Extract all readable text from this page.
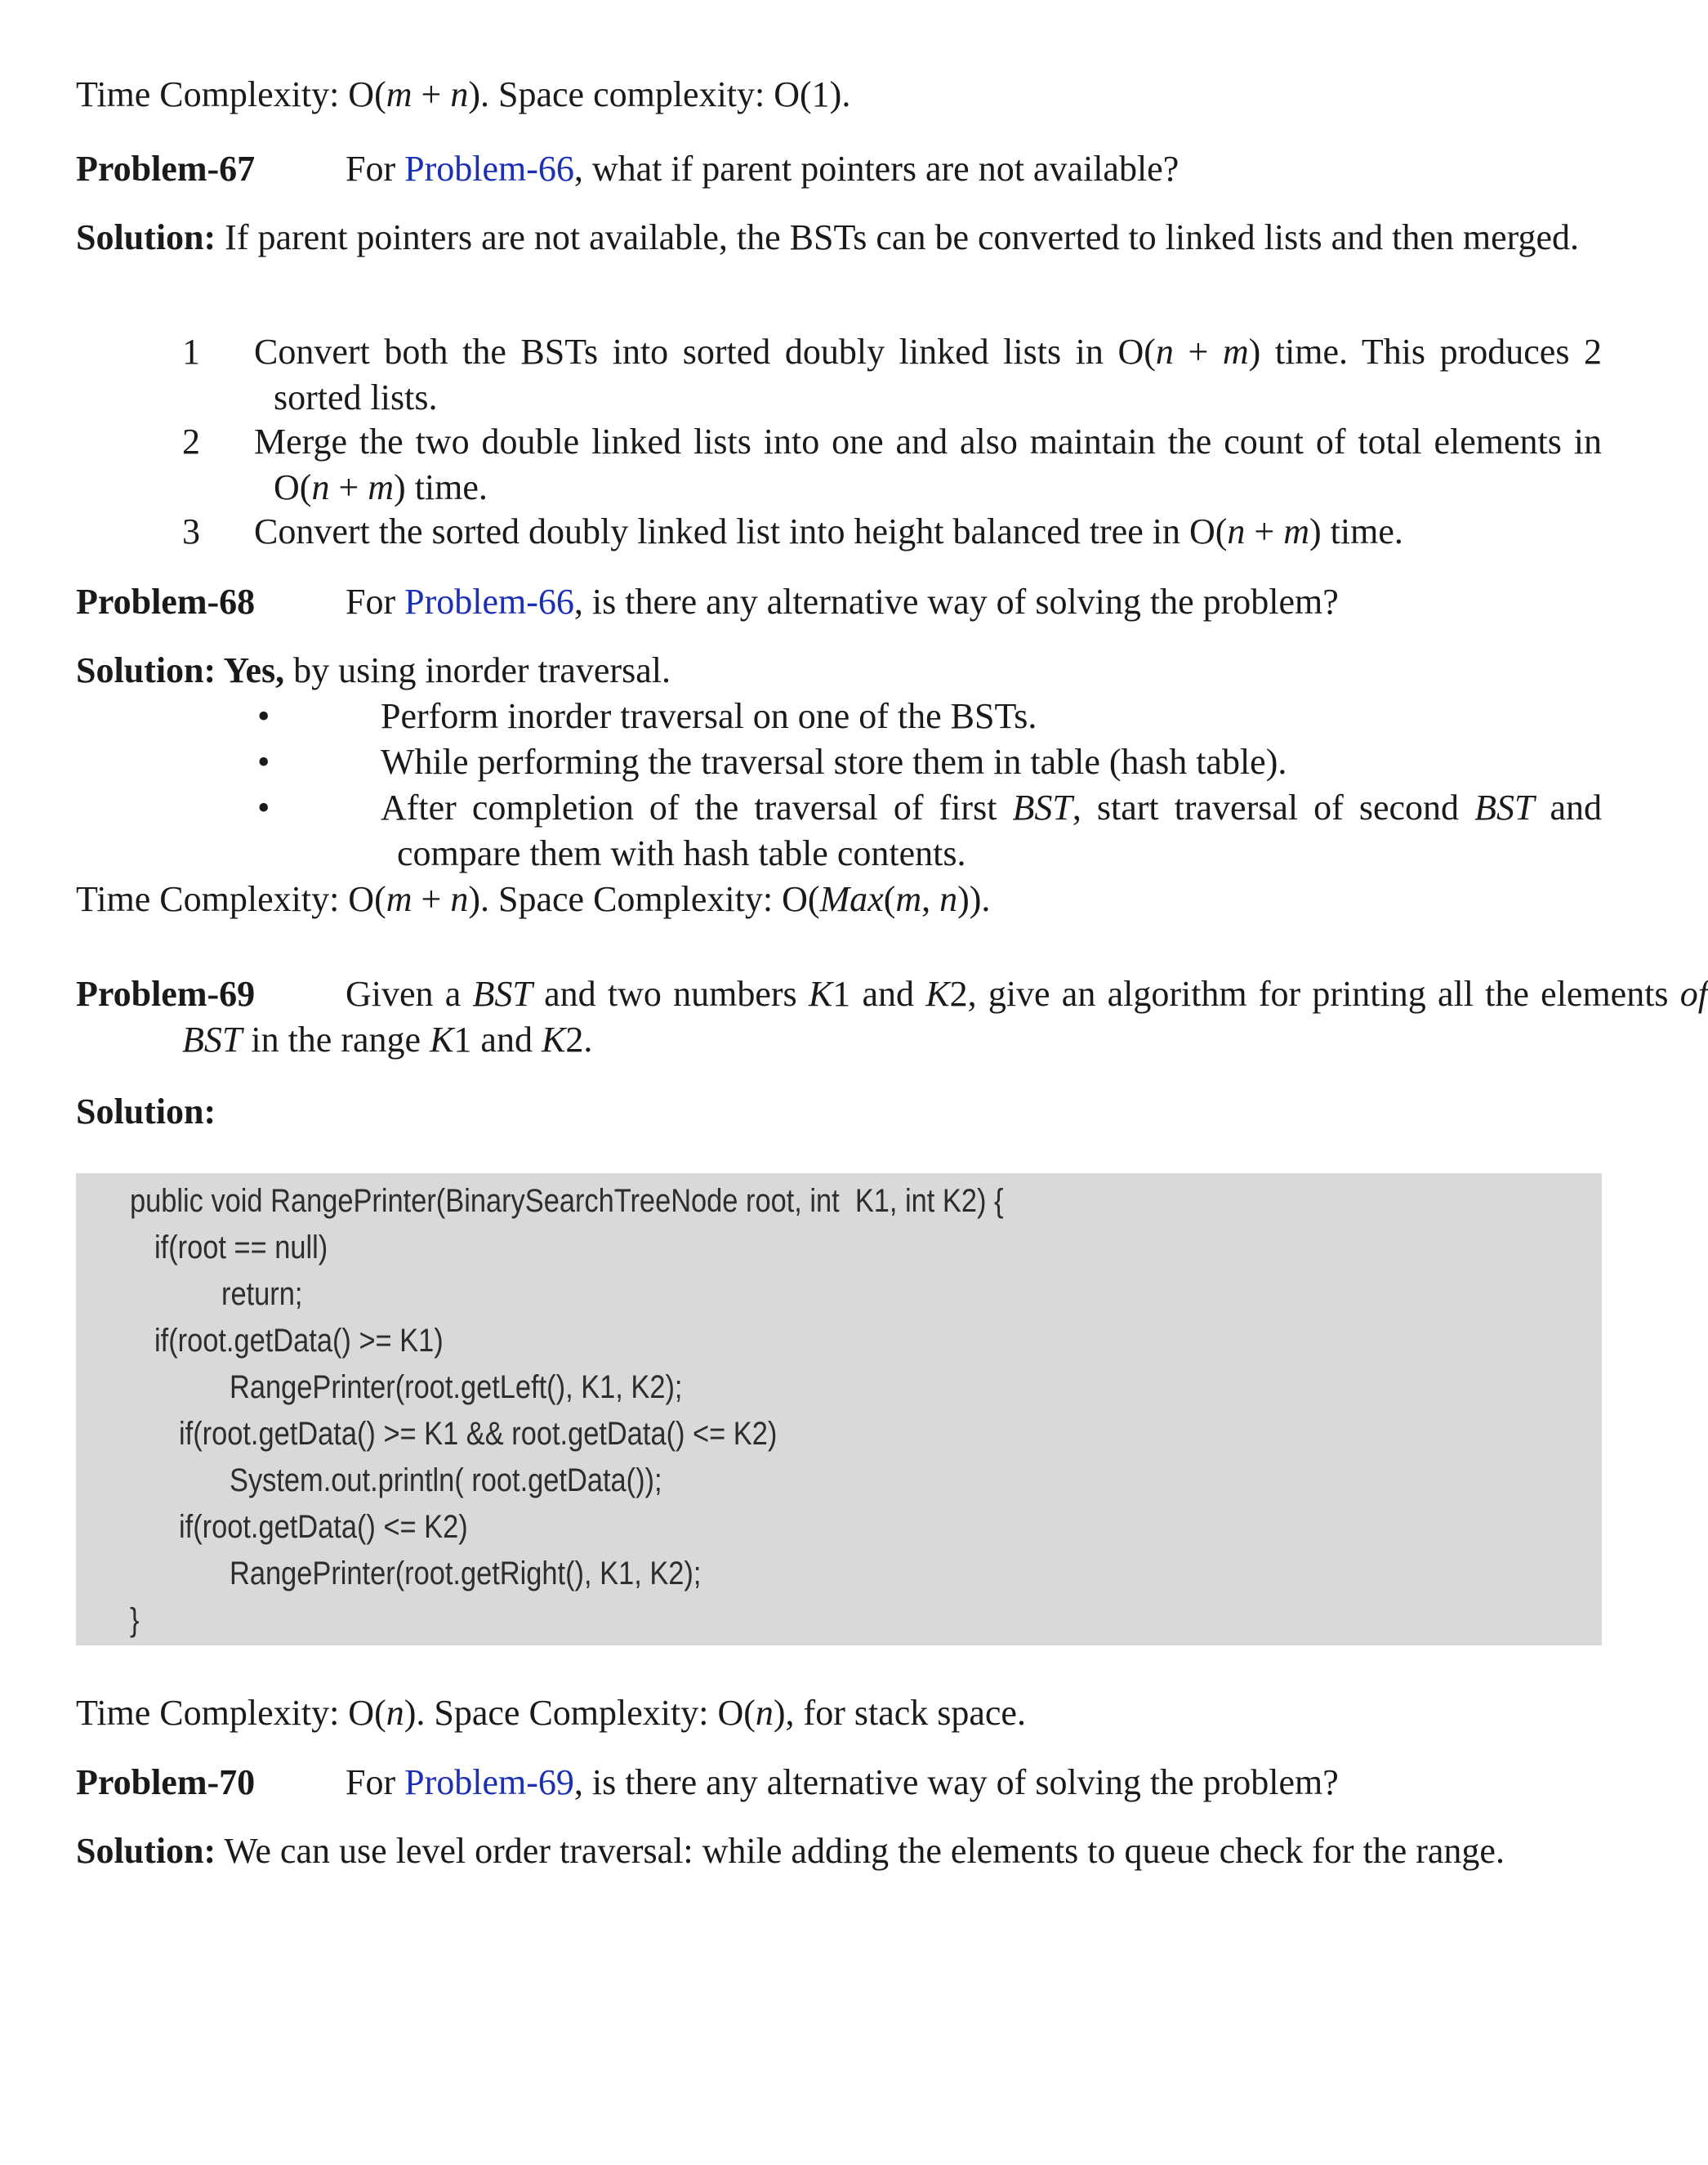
Time Complexity: O(m + n). Space complexity: O(1).

Problem-67	For Problem-66, what if parent pointers are not available?

Solution: If parent pointers are not available, the BSTs can be converted to linked lists and then merged.

1 Convert both the BSTs into sorted doubly linked lists in O(n + m) time. This produces 2 sorted lists.
2 Merge the two double linked lists into one and also maintain the count of total elements in O(n + m) time.
3 Convert the sorted doubly linked list into height balanced tree in O(n + m) time.

Problem-68	For Problem-66, is there any alternative way of solving the problem?

Solution: Yes, by using inorder traversal.

•	Perform inorder traversal on one of the BSTs.
•	While performing the traversal store them in table (hash table).
•	After completion of the traversal of first BST, start traversal of second BST and compare them with hash table contents.

Time Complexity: O(m + n). Space Complexity: O(Max(m, n)).

Problem-69	Given a BST and two numbers K1 and K2, give an algorithm for printing all the elements of BST in the range K1 and K2.

Solution:

public void RangePrinter(BinarySearchTreeNode root, int  K1, int K2) {
if(root == null)
return;
if(root.getData() >= K1)
RangePrinter(root.getLeft(), K1, K2);
if(root.getData() >= K1 && root.getData() <= K2)
System.out.println( root.getData());
if(root.getData() <= K2)
RangePrinter(root.getRight(), K1, K2);
}

Time Complexity: O(n). Space Complexity: O(n), for stack space.

Problem-70	For Problem-69, is there any alternative way of solving the problem?

Solution: We can use level order traversal: while adding the elements to queue check for the range.
